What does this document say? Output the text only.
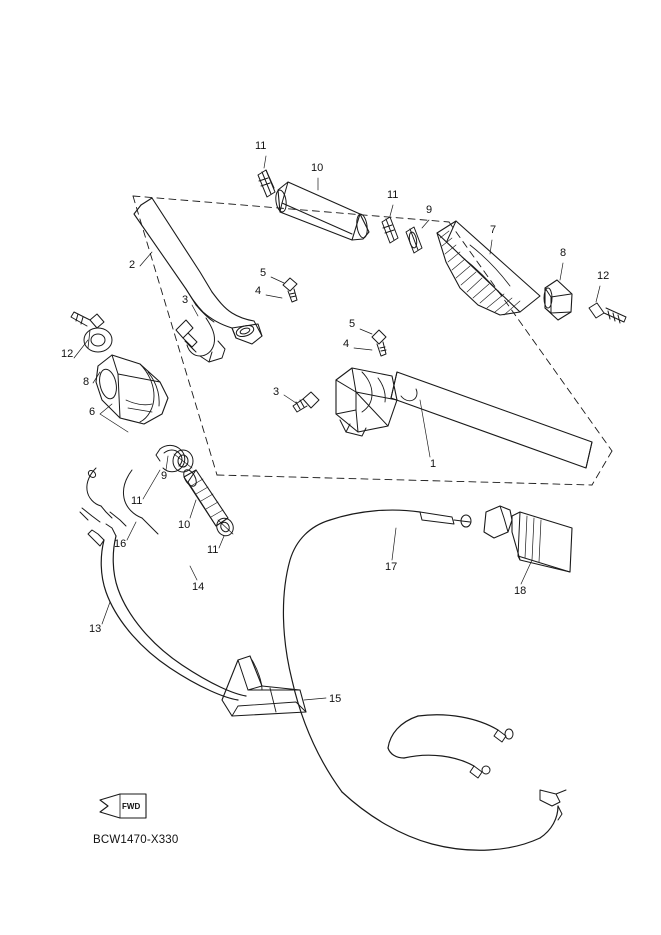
11
10
11
9
7
8
12
2
5
4
3
12
8
5
4
3
6
1
9
11
10
11
16
17
18
14
13
15
FWD
BCW1470-X330
